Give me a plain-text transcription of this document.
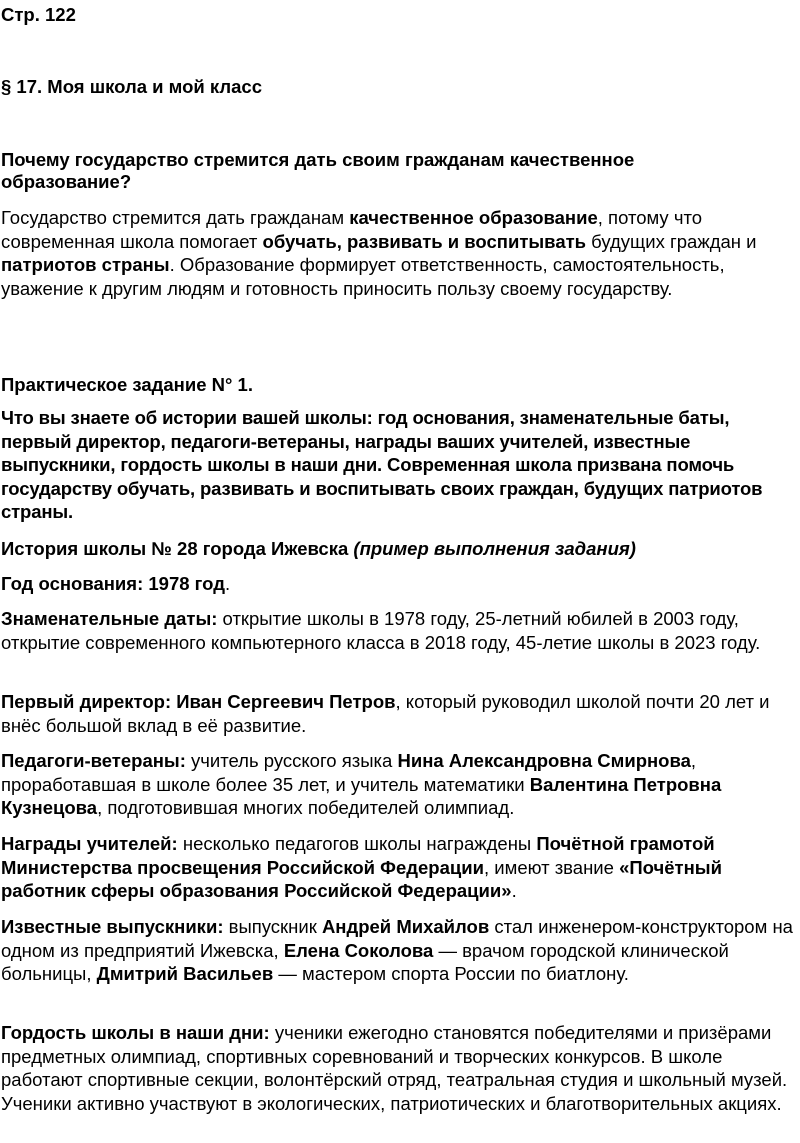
Стр. 122
§ 17. Моя школа и мой класс
Почему государство стремится дать своим гражданам качественное образование?

Государство стремится дать гражданам качественное образование, потому что современная школа помогает обучать, развивать и воспитывать будущих граждан и патриотов страны. Образование формирует ответственность, самостоятельность, уважение к другим людям и готовность приносить пользу своему государству.

Практическое задание N° 1.

Что вы знаете об истории вашей школы: год основания, знаменательные баты, первый директор, педагоги-ветераны, награды ваших учителей, известные выпускники, гордость школы в наши дни. Современная школа призвана помочь государству обучать, развивать и воспитывать своих граждан, будущих патриотов страны.

История школы № 28 города Ижевска (пример выполнения задания)

Год основания: 1978 год.

Знаменательные даты: открытие школы в 1978 году, 25-летний юбилей в 2003 году, открытие современного компьютерного класса в 2018 году, 45-летие школы в 2023 году.

Первый директор: Иван Сергеевич Петров, который руководил школой почти 20 лет и внёс большой вклад в её развитие.

Педагоги-ветераны: учитель русского языка Нина Александровна Смирнова, проработавшая в школе более 35 лет, и учитель математики Валентина Петровна Кузнецова, подготовившая многих победителей олимпиад.

Награды учителей: несколько педагогов школы награждены Почётной грамотой Министерства просвещения Российской Федерации, имеют звание «Почётный работник сферы образования Российской Федерации».

Известные выпускники: выпускник Андрей Михайлов стал инженером-конструктором на одном из предприятий Ижевска, Елена Соколова — врачом городской клинической больницы, Дмитрий Васильев — мастером спорта России по биатлону.

Гордость школы в наши дни: ученики ежегодно становятся победителями и призёрами предметных олимпиад, спортивных соревнований и творческих конкурсов. В школе работают спортивные секции, волонтёрский отряд, театральная студия и школьный музей. Ученики активно участвуют в экологических, патриотических и благотворительных акциях.
